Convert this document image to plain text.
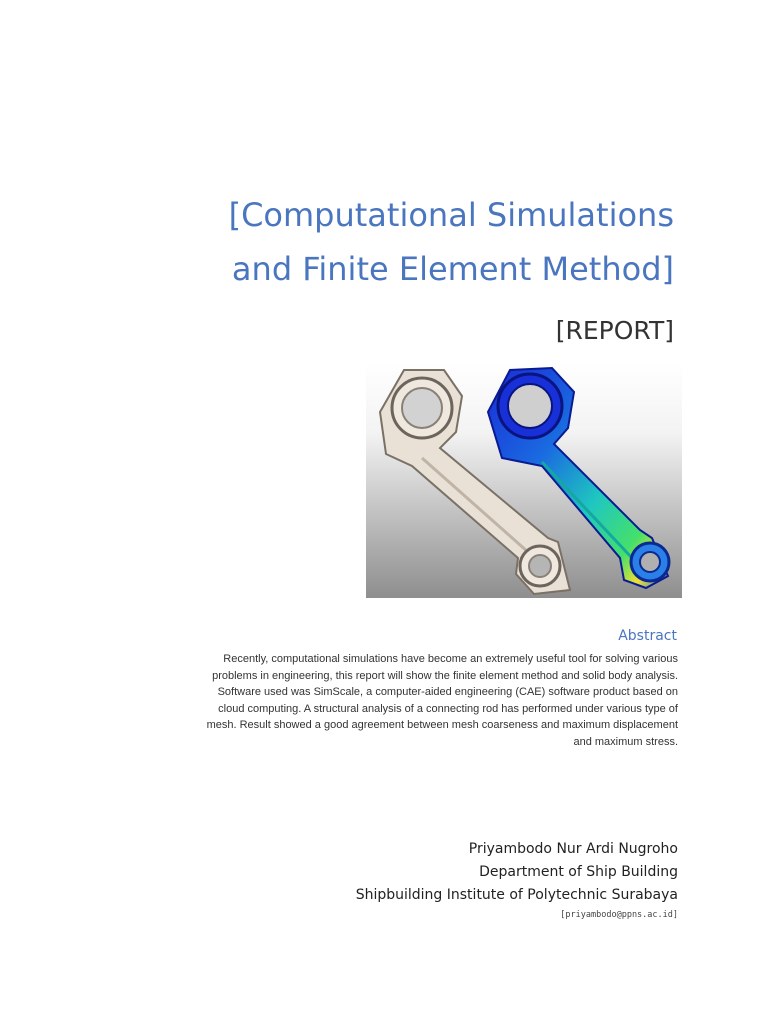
[Computational Simulations
and Finite Element Method]
[REPORT]
Abstract
Recently, computational simulations have become an extremely useful tool for solving various
problems in engineering, this report will show the finite element method and solid body analysis.
Software used was SimScale, a computer-aided engineering (CAE) software product based on
cloud computing. A structural analysis of a connecting rod has performed under various type of
mesh. Result showed a good agreement between mesh coarseness and maximum displacement
and maximum stress.
Priyambodo Nur Ardi Nugroho
Department of Ship Building
Shipbuilding Institute of Polytechnic Surabaya
[priyambodo@ppns.ac.id]
